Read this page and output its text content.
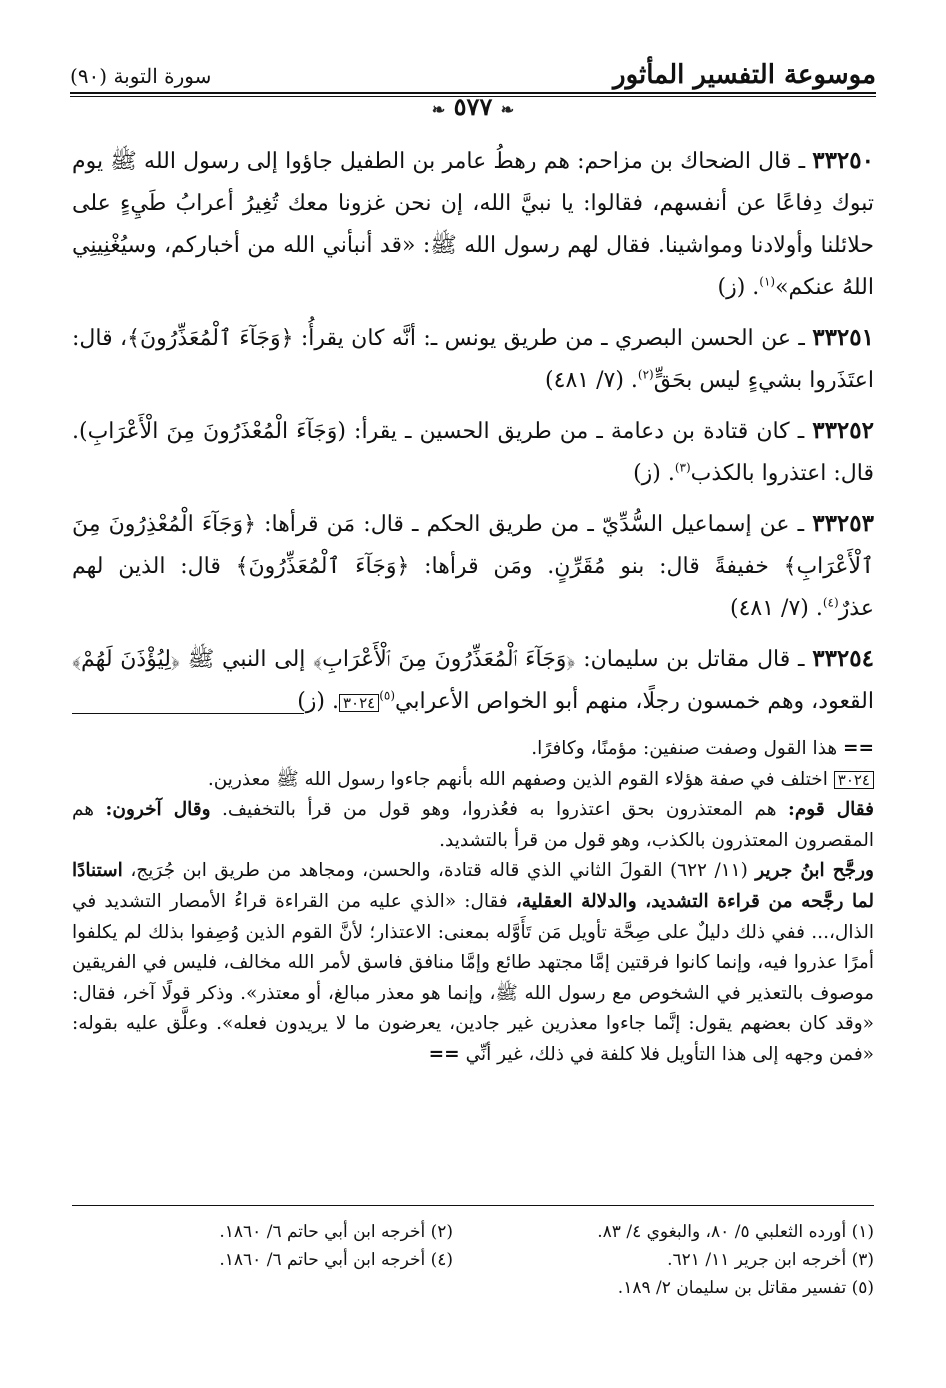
موسوعة التفسير المأثور
سورة التوبة (٩٠)
❧ ٥٧٧ ❧

٣٣٢٥٠ ـ قال الضحاك بن مزاحم: هم رهطُ عامر بن الطفيل جاؤوا إلى رسول الله ﷺ يوم تبوك دِفاعًا عن أنفسهم، فقالوا: يا نبيَّ الله، إن نحن غزونا معك تُغِيرُ أعرابُ طَيِءٍ على حلائلنا وأولادنا ومواشينا. فقال لهم رسول الله ﷺ: «قد أنبأني الله من أخباركم، وسيُغْنِينِي اللهُ عنكم»$^{(١)}$. (ز)

٣٣٢٥١ ـ عن الحسن البصري ـ من طريق يونس ـ: أنَّه كان يقرأُ: ﴿وَجَآءَ ٱلْمُعَذِّرُونَ﴾، قال: اعتَذَروا بشيءٍ ليس بحَقٍّ$^{(٢)}$. (٧/ ٤٨١)

٣٣٢٥٢ ـ كان قتادة بن دعامة ـ من طريق الحسين ـ يقرأ: (وَجَآءَ الْمُعْذَرُونَ مِنَ الْأَعْرَابِ). قال: اعتذروا بالكذب$^{(٣)}$. (ز)

٣٣٢٥٣ ـ عن إسماعيل السُّدِّيّ ـ من طريق الحكم ـ قال: مَن قرأها: ﴿وَجَآءَ الْمُعْذِرُونَ مِنَ ٱلْأَعْرَابِ﴾ خفيفةً قال: بنو مُقَرِّنٍ. ومَن قرأها: ﴿وَجَآءَ ٱلْمُعَذِّرُونَ﴾ قال: الذين لهم عذرٌ$^{(٤)}$. (٧/ ٤٨١)

٣٣٢٥٤ ـ قال مقاتل بن سليمان: ﴿وَجَآءَ ٱلْمُعَذِّرُونَ مِنَ ٱلْأَعْرَابِ﴾ إلى النبي ﷺ ﴿لِيُؤْذَنَ لَهُمْ﴾ القعود، وهم خمسون رجلًا، منهم أبو الخواص الأعرابي$^{(٥)}$٣٠٢٤. (ز)

== هذا القول وصفت صنفين: مؤمنًا، وكافرًا.

٣٠٢٤ اختلف في صفة هؤلاء القوم الذين وصفهم الله بأنهم جاءوا رسول الله ﷺ معذرين.

فقال قوم: هم المعتذرون بحق اعتذروا به فعُذروا، وهو قول من قرأ بالتخفيف. وقال آخرون: هم المقصرون المعتذرون بالكذب، وهو قول من قرأ بالتشديد.

ورجَّح ابنُ جرير (١١/ ٦٢٢) القولَ الثاني الذي قاله قتادة، والحسن، ومجاهد من طريق ابن جُرَيج، استنادًا لما رجَّحه من قراءة التشديد، والدلالة العقلية، فقال: «الذي عليه من القراءة قراءُ الأمصار التشديد في الذال،... ففي ذلك دليلٌ على صِحَّة تأويل مَن تَأَوَّله بمعنى: الاعتذار؛ لأنَّ القوم الذين وُصِفوا بذلك لم يكلفوا أمرًا عذروا فيه، وإنما كانوا فرقتين إمَّا مجتهد طائع وإمَّا منافق فاسق لأمر الله مخالف، فليس في الفريقين موصوف بالتعذير في الشخوص مع رسول الله ﷺ، وإنما هو معذر مبالغ، أو معتذر». وذكر قولًا آخر، فقال: «وقد كان بعضهم يقول: إنَّما جاءوا معذرين غير جادين، يعرضون ما لا يريدون فعله». وعلَّق عليه بقوله: «فمن وجهه إلى هذا التأويل فلا كلفة في ذلك، غير أنِّي ==

(١) أورده الثعلبي ٥/ ٨٠، والبغوي ٤/ ٨٣.
(٢) أخرجه ابن أبي حاتم ٦/ ١٨٦٠.
(٣) أخرجه ابن جرير ١١/ ٦٢١.
(٤) أخرجه ابن أبي حاتم ٦/ ١٨٦٠.
(٥) تفسير مقاتل بن سليمان ٢/ ١٨٩.
